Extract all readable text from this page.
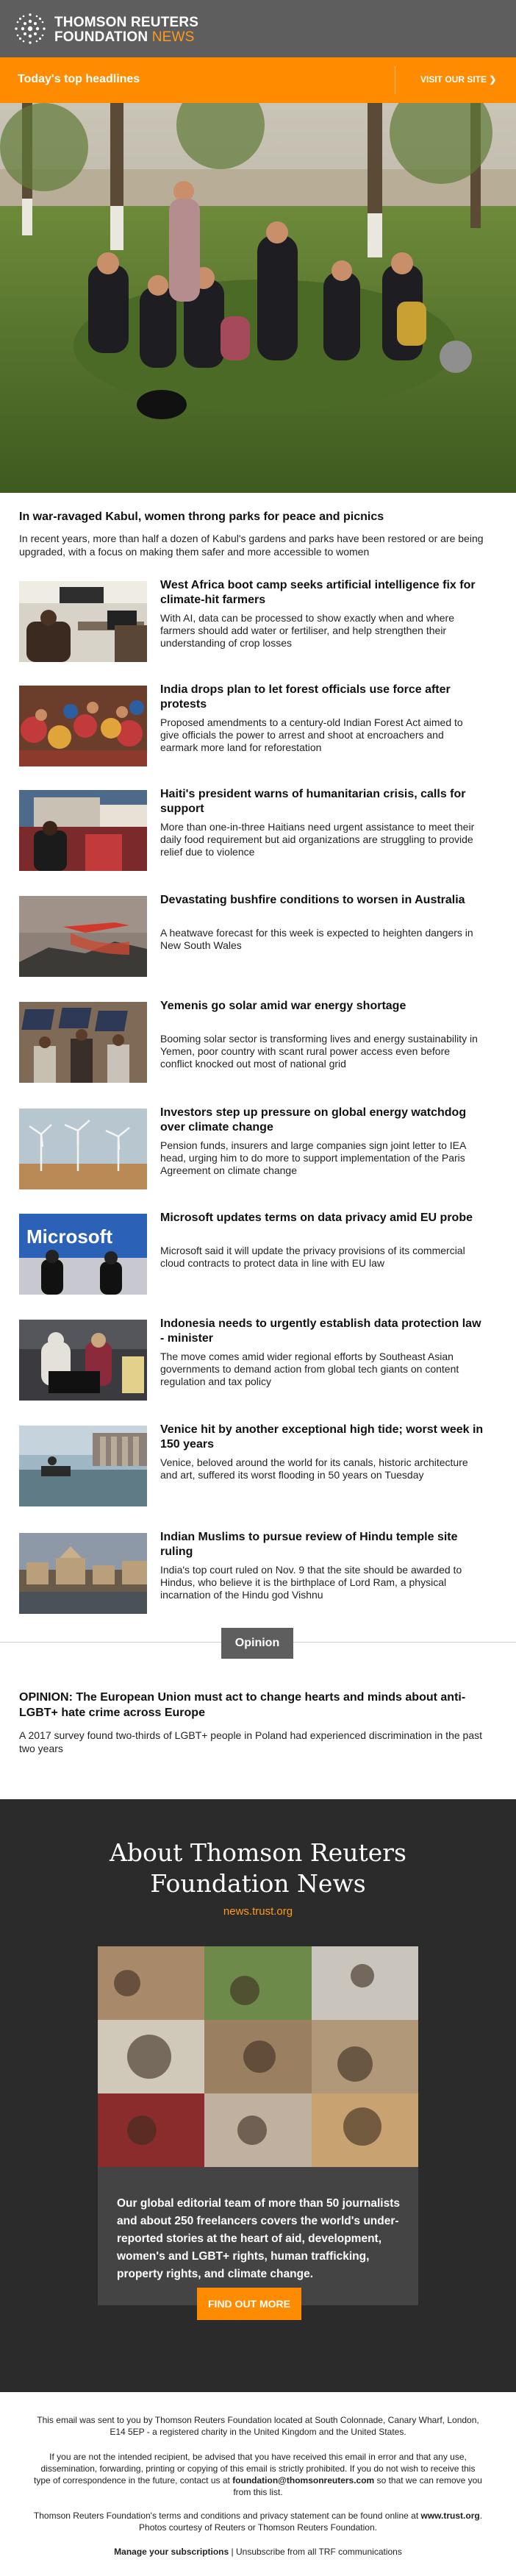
THOMSON REUTERS
FOUNDATION NEWS
Today's top headlines	VISIT OUR SITE ❯
In war-ravaged Kabul, women throng parks for peace and picnics
In recent years, more than half a dozen of Kabul's gardens and parks have been restored or are being upgraded, with a focus on making them safer and more accessible to women
West Africa boot camp seeks artificial intelligence fix for climate-hit farmers
With AI, data can be processed to show exactly when and where farmers should add water or fertiliser, and help strengthen their understanding of crop losses
India drops plan to let forest officials use force after protests
Proposed amendments to a century-old Indian Forest Act aimed to give officials the power to arrest and shoot at encroachers and earmark more land for reforestation
Haiti's president warns of humanitarian crisis, calls for support
More than one-in-three Haitians need urgent assistance to meet their daily food requirement but aid organizations are struggling to provide relief due to violence
Devastating bushfire conditions to worsen in Australia
A heatwave forecast for this week is expected to heighten dangers in New South Wales
Yemenis go solar amid war energy shortage
Booming solar sector is transforming lives and energy sustainability in Yemen, poor country with scant rural power access even before conflict knocked out most of national grid
Investors step up pressure on global energy watchdog over climate change
Pension funds, insurers and large companies sign joint letter to IEA head, urging him to do more to support implementation of the Paris Agreement on climate change
Microsoft
Microsoft updates terms on data privacy amid EU probe
Microsoft said it will update the privacy provisions of its commercial cloud contracts to protect data in line with EU law
Indonesia needs to urgently establish data protection law - minister
The move comes amid wider regional efforts by Southeast Asian governments to demand action from global tech giants on content regulation and tax policy
Venice hit by another exceptional high tide; worst week in 150 years
Venice, beloved around the world for its canals, historic architecture and art, suffered its worst flooding in 50 years on Tuesday
Indian Muslims to pursue review of Hindu temple site ruling
India's top court ruled on Nov. 9 that the site should be awarded to Hindus, who believe it is the birthplace of Lord Ram, a physical incarnation of the Hindu god Vishnu
Opinion
OPINION: The European Union must act to change hearts and minds about anti-LGBT+ hate crime across Europe
A 2017 survey found two-thirds of LGBT+ people in Poland had experienced discrimination in the past two years
About Thomson Reuters
Foundation News
news.trust.org
Our global editorial team of more than 50 journalists and about 250 freelancers covers the world's under-reported stories at the heart of aid, development, women's and LGBT+ rights, human trafficking, property rights, and climate change.
FIND OUT MORE
This email was sent to you by Thomson Reuters Foundation located at South Colonnade, Canary Wharf, London,
E14 5EP - a registered charity in the United Kingdom and the United States.
If you are not the intended recipient, be advised that you have received this email in error and that any use,
dissemination, forwarding, printing or copying of this email is strictly prohibited. If you do not wish to receive this
type of correspondence in the future, contact us at foundation@thomsonreuters.com so that we can remove you
from this list.
Thomson Reuters Foundation's terms and conditions and privacy statement can be found online at www.trust.org.
Photos courtesy of Reuters or Thomson Reuters Foundation.
Manage your subscriptions | Unsubscribe from all TRF communications
